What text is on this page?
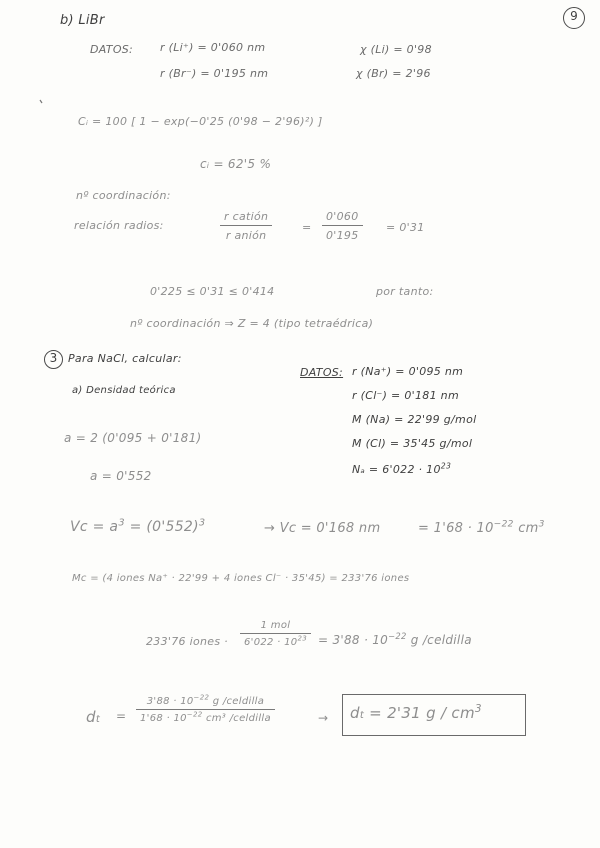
9
b) LiBr
DATOS: r (Li⁺) = 0'060 nm
r (Br⁻) = 0'195 nm
χ (Li) = 0'98
χ (Br) = 2'96
Cᵢ = 100 [ 1 − exp(−0'25 (0'98 − 2'96)²) ]
cᵢ = 62'5 %
nº coordinación:
relación radios:
r catión
r anión
= $\frac{0'060}{0'195} = 0'31$
0'225 ≤ 0'31 ≤ 0'414	por tanto:
nº coordinación ⇒ Z = 4 (tipo tetraédrica)
3 Para NaCl, calcular:
a) Densidad teórica
DATOS: r (Na⁺) = 0'095 nm
r (Cl⁻) = 0'181 nm
M (Na) = 22'99 g/mol
M (Cl) = 35'45 g/mol
$N_a = 6'022 \cdot 10^{23}$
a = 2 (0'095 + 0'181)
a = 0'552
$Vc = a^3 = (0'552)^3$	→ Vc = 0'168 nm	= $1'68 \cdot 10^{-22}$ $cm^3$
Mc = (4 iones Na⁺ · 22'99 + 4 iones Cl⁻ · 35'45) = 233'76 iones
233'76 iones ·
1 mol
$6'022 \cdot 10^{23} = 3'88 \cdot 10^{-22}$ g /celdilla
dt =
$3'88 \cdot 10^{-22}$ g /celdilla
$1'68 \cdot 10^{-22}$ cm³ /celdilla	→ dt = 2'31 g / $cm^3$
